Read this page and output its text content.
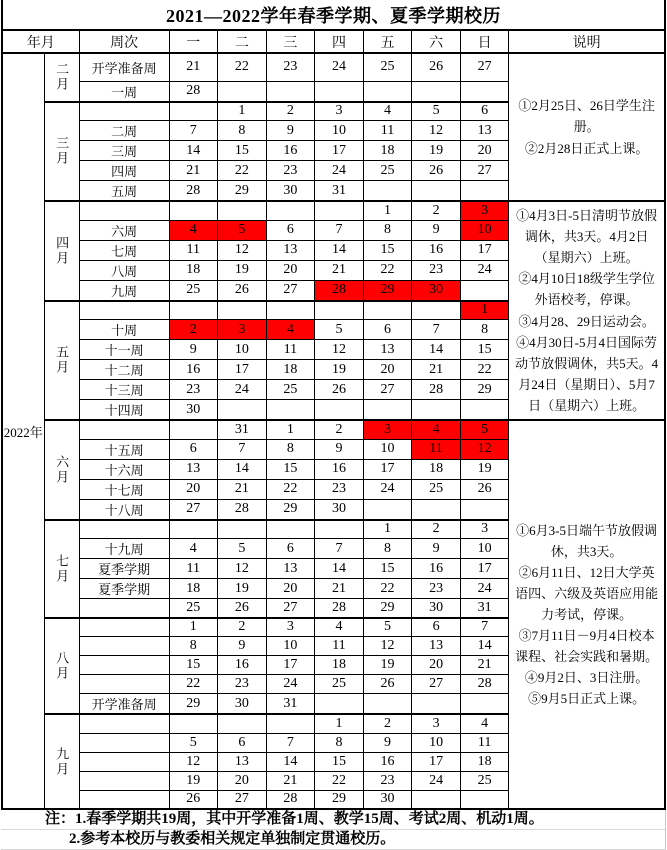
2021—2022学年春季学期、夏季学期校历
年月		周次	一	二	三	四	五	六	日	说明
2022年	二月	开学准备周	21	22	23	24	25	26	27	①2月25日、26日学生注册。
②2月28日正式上课。

		一周	28							
	三月			1	2	3	4	5	6	
		二周	7	8	9	10	11	12	13	
		三周	14	15	16	17	18	19	20	
		四周	21	22	23	24	25	26	27	
		五周	28	29	30	31				
	四月						1	2	3	①4月3日-5日清明节放假调休，共3天。4月2日（星期六）上班。
②4月10日18级学生学位外语校考，停课。
③4月28、29日运动会。
④4月30日-5月4日国际劳动节放假调休，共5天。4月24日（星期日）、5月7日（星期六）上班。

		六周	4	5	6	7	8	9	10	
		七周	11	12	13	14	15	16	17	
		八周	18	19	20	21	22	23	24	
		九周	25	26	27	28	29	30		
	五月								1	
		十周	2	3	4	5	6	7	8	
		十一周	9	10	11	12	13	14	15	
		十二周	16	17	18	19	20	21	22	
		十三周	23	24	25	26	27	28	29	
		十四周	30							
	六月			31	1	2	3	4	5	①6月3-5日端午节放假调休，共3天。
②6月11日、12日大学英语四、六级及英语应用能力考试，停课。
③7月11日－9月4日校本课程、社会实践和暑期。
④9月2日、3日注册。
⑤9月5日正式上课。

		十五周	6	7	8	9	10	11	12	
		十六周	13	14	15	16	17	18	19	
		十七周	20	21	22	23	24	25	26	
		十八周	27	28	29	30				
	七月						1	2	3	
		十九周	4	5	6	7	8	9	10	
		夏季学期	11	12	13	14	15	16	17	
		夏季学期	18	19	20	21	22	23	24	
			25	26	27	28	29	30	31	
	八月		1	2	3	4	5	6	7	
			8	9	10	11	12	13	14	
			15	16	17	18	19	20	21	
			22	23	24	25	26	27	28	
		开学准备周	29	30	31					
	九月					1	2	3	4	
			5	6	7	8	9	10	11	
			12	13	14	15	16	17	18	
			19	20	21	22	23	24	25	
			26	27	28	29	30			
注：1.春季学期共19周，其中开学准备1周、教学15周、考试2周、机动1周。
2.参考本校历与教委相关规定单独制定贯通校历。
